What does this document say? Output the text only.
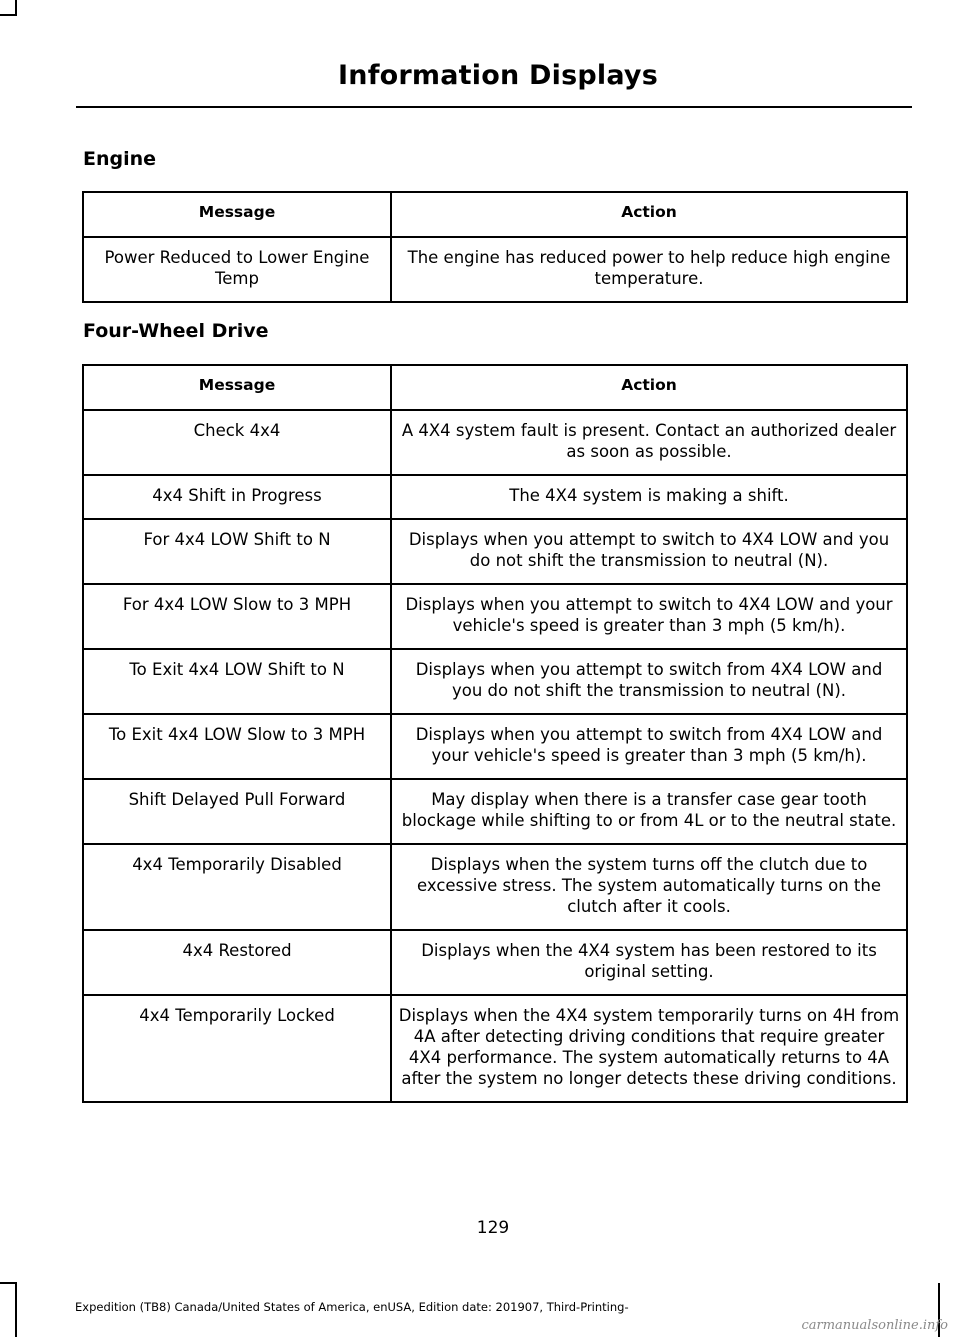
Information Displays
Engine
Message	Action
Power Reduced to Lower Engine Temp	The engine has reduced power to help reduce high engine temperature.
Four-Wheel Drive
Message	Action
Check 4x4	A 4X4 system fault is present. Contact an authorized dealer as soon as possible.
4x4 Shift in Progress	The 4X4 system is making a shift.
For 4x4 LOW Shift to N	Displays when you attempt to switch to 4X4 LOW and you do not shift the transmission to neutral (N).
For 4x4 LOW Slow to 3 MPH	Displays when you attempt to switch to 4X4 LOW and your vehicle's speed is greater than 3 mph (5 km/h).
To Exit 4x4 LOW Shift to N	Displays when you attempt to switch from 4X4 LOW and you do not shift the transmission to neutral (N).
To Exit 4x4 LOW Slow to 3 MPH	Displays when you attempt to switch from 4X4 LOW and your vehicle's speed is greater than 3 mph (5 km/h).
Shift Delayed Pull Forward	May display when there is a transfer case gear tooth blockage while shifting to or from 4L or to the neutral state.
4x4 Temporarily Disabled	Displays when the system turns off the clutch due to excessive stress. The system automatically turns on the clutch after it cools.
4x4 Restored	Displays when the 4X4 system has been restored to its original setting.
4x4 Temporarily Locked	Displays when the 4X4 system temporarily turns on 4H from 4A after detecting driving conditions that require greater 4X4 performance. The system automatically returns to 4A after the system no longer detects these driving conditions.
129
Expedition (TB8) Canada/United States of America, enUSA, Edition date: 201907, Third-Printing-
carmanualsonline.info
